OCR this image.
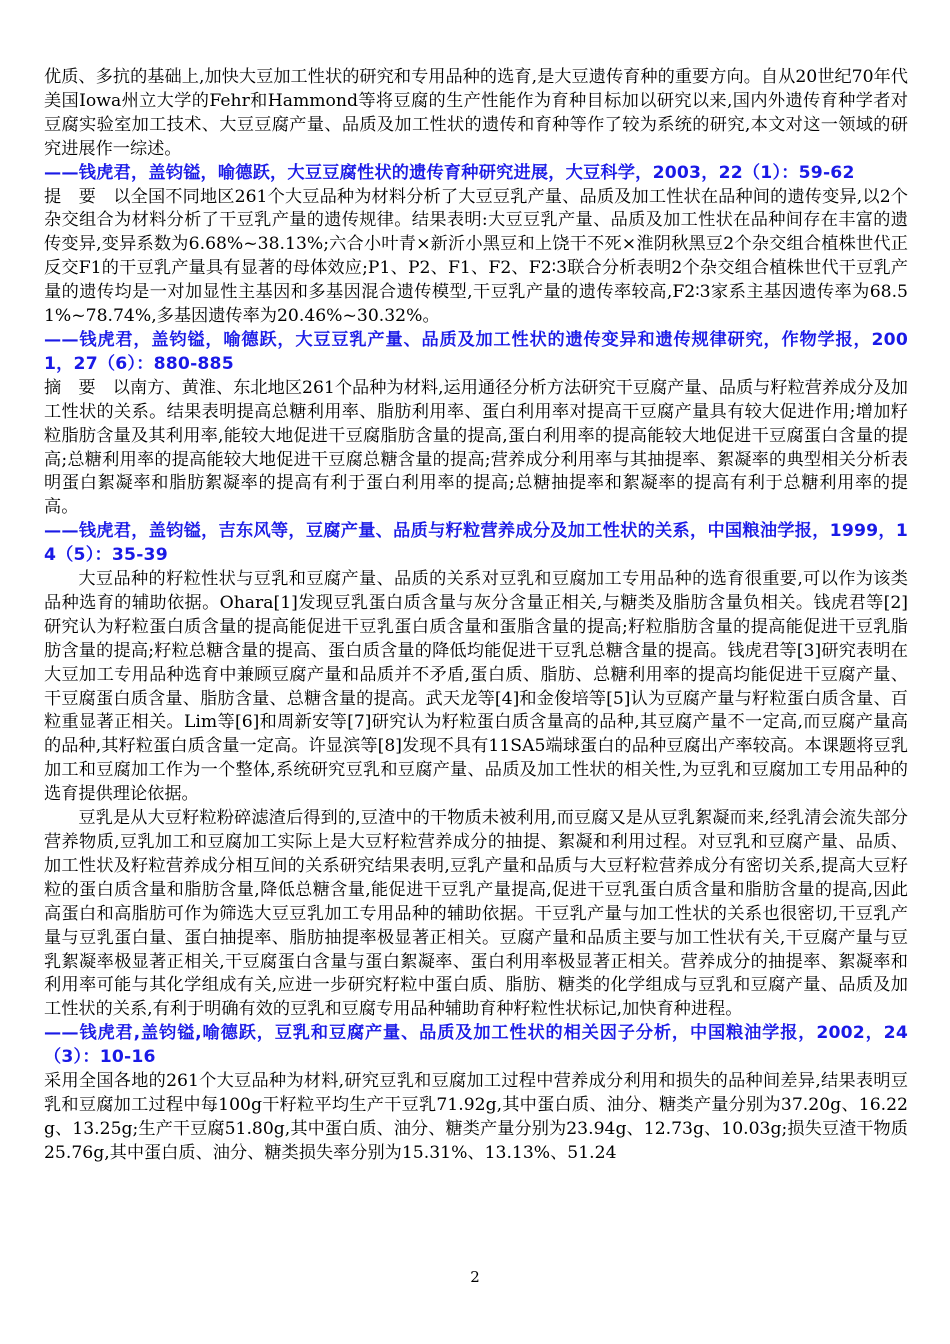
优质、多抗的基础上,加快大豆加工性状的研究和专用品种的选育,是大豆遗传育种的重要方向。自从20世纪70年代美国Iowa州立大学的Fehr和Hammond等将豆腐的生产性能作为育种目标加以研究以来,国内外遗传育种学者对豆腐实验室加工技术、大豆豆腐产量、品质及加工性状的遗传和育种等作了较为系统的研究,本文对这一领域的研究进展作一综述。

——钱虎君，盖钧镒，喻德跃，大豆豆腐性状的遗传育种研究进展，大豆科学，2003，22（1）：59-62

提　要　以全国不同地区261个大豆品种为材料分析了大豆豆乳产量、品质及加工性状在品种间的遗传变异,以2个杂交组合为材料分析了干豆乳产量的遗传规律。结果表明:大豆豆乳产量、品质及加工性状在品种间存在丰富的遗传变异,变异系数为6.68%~38.13%;六合小叶青×新沂小黑豆和上饶干不死×淮阴秋黑豆2个杂交组合植株世代正反交F1的干豆乳产量具有显著的母体效应;P1、P2、F1、F2、F2∶3联合分析表明2个杂交组合植株世代干豆乳产量的遗传均是一对加显性主基因和多基因混合遗传模型,干豆乳产量的遗传率较高,F2∶3家系主基因遗传率为68.51%~78.74%,多基因遗传率为20.46%~30.32%。

——钱虎君，盖钧镒，喻德跃，大豆豆乳产量、品质及加工性状的遗传变异和遗传规律研究，作物学报，2001，27（6）：880-885

摘　要　以南方、黄淮、东北地区261个品种为材料,运用通径分析方法研究干豆腐产量、品质与籽粒营养成分及加工性状的关系。结果表明提高总糖利用率、脂肪利用率、蛋白利用率对提高干豆腐产量具有较大促进作用;增加籽粒脂肪含量及其利用率,能较大地促进干豆腐脂肪含量的提高,蛋白利用率的提高能较大地促进干豆腐蛋白含量的提高;总糖利用率的提高能较大地促进干豆腐总糖含量的提高;营养成分利用率与其抽提率、絮凝率的典型相关分析表明蛋白絮凝率和脂肪絮凝率的提高有利于蛋白利用率的提高;总糖抽提率和絮凝率的提高有利于总糖利用率的提高。

——钱虎君，盖钧镒，吉东风等，豆腐产量、品质与籽粒营养成分及加工性状的关系，中国粮油学报，1999，14（5）：35-39

大豆品种的籽粒性状与豆乳和豆腐产量、品质的关系对豆乳和豆腐加工专用品种的选育很重要,可以作为该类品种选育的辅助依据。Ohara[1]发现豆乳蛋白质含量与灰分含量正相关,与糖类及脂肪含量负相关。钱虎君等[2]研究认为籽粒蛋白质含量的提高能促进干豆乳蛋白质含量和蛋脂含量的提高;籽粒脂肪含量的提高能促进干豆乳脂肪含量的提高;籽粒总糖含量的提高、蛋白质含量的降低均能促进干豆乳总糖含量的提高。钱虎君等[3]研究表明在大豆加工专用品种选育中兼顾豆腐产量和品质并不矛盾,蛋白质、脂肪、总糖利用率的提高均能促进干豆腐产量、干豆腐蛋白质含量、脂肪含量、总糖含量的提高。武天龙等[4]和金俊培等[5]认为豆腐产量与籽粒蛋白质含量、百粒重显著正相关。Lim等[6]和周新安等[7]研究认为籽粒蛋白质含量高的品种,其豆腐产量不一定高,而豆腐产量高的品种,其籽粒蛋白质含量一定高。许显滨等[8]发现不具有11SA5端球蛋白的品种豆腐出产率较高。本课题将豆乳加工和豆腐加工作为一个整体,系统研究豆乳和豆腐产量、品质及加工性状的相关性,为豆乳和豆腐加工专用品种的选育提供理论依据。

豆乳是从大豆籽粒粉碎滤渣后得到的,豆渣中的干物质未被利用,而豆腐又是从豆乳絮凝而来,经乳清会流失部分营养物质,豆乳加工和豆腐加工实际上是大豆籽粒营养成分的抽提、絮凝和利用过程。对豆乳和豆腐产量、品质、加工性状及籽粒营养成分相互间的关系研究结果表明,豆乳产量和品质与大豆籽粒营养成分有密切关系,提高大豆籽粒的蛋白质含量和脂肪含量,降低总糖含量,能促进干豆乳产量提高,促进干豆乳蛋白质含量和脂肪含量的提高,因此高蛋白和高脂肪可作为筛选大豆豆乳加工专用品种的辅助依据。干豆乳产量与加工性状的关系也很密切,干豆乳产量与豆乳蛋白量、蛋白抽提率、脂肪抽提率极显著正相关。豆腐产量和品质主要与加工性状有关,干豆腐产量与豆乳絮凝率极显著正相关,干豆腐蛋白含量与蛋白絮凝率、蛋白利用率极显著正相关。营养成分的抽提率、絮凝率和利用率可能与其化学组成有关,应进一步研究籽粒中蛋白质、脂肪、糖类的化学组成与豆乳和豆腐产量、品质及加工性状的关系,有利于明确有效的豆乳和豆腐专用品种辅助育种籽粒性状标记,加快育种进程。

——钱虎君,盖钧镒,喻德跃，豆乳和豆腐产量、品质及加工性状的相关因子分析，中国粮油学报，2002，24（3）：10-16

采用全国各地的261个大豆品种为材料,研究豆乳和豆腐加工过程中营养成分利用和损失的品种间差异,结果表明豆乳和豆腐加工过程中每100g干籽粒平均生产干豆乳71.92g,其中蛋白质、油分、糖类产量分别为37.20g、16.22g、13.25g;生产干豆腐51.80g,其中蛋白质、油分、糖类产量分别为23.94g、12.73g、10.03g;损失豆渣干物质25.76g,其中蛋白质、油分、糖类损失率分别为15.31%、13.13%、51.24

2
